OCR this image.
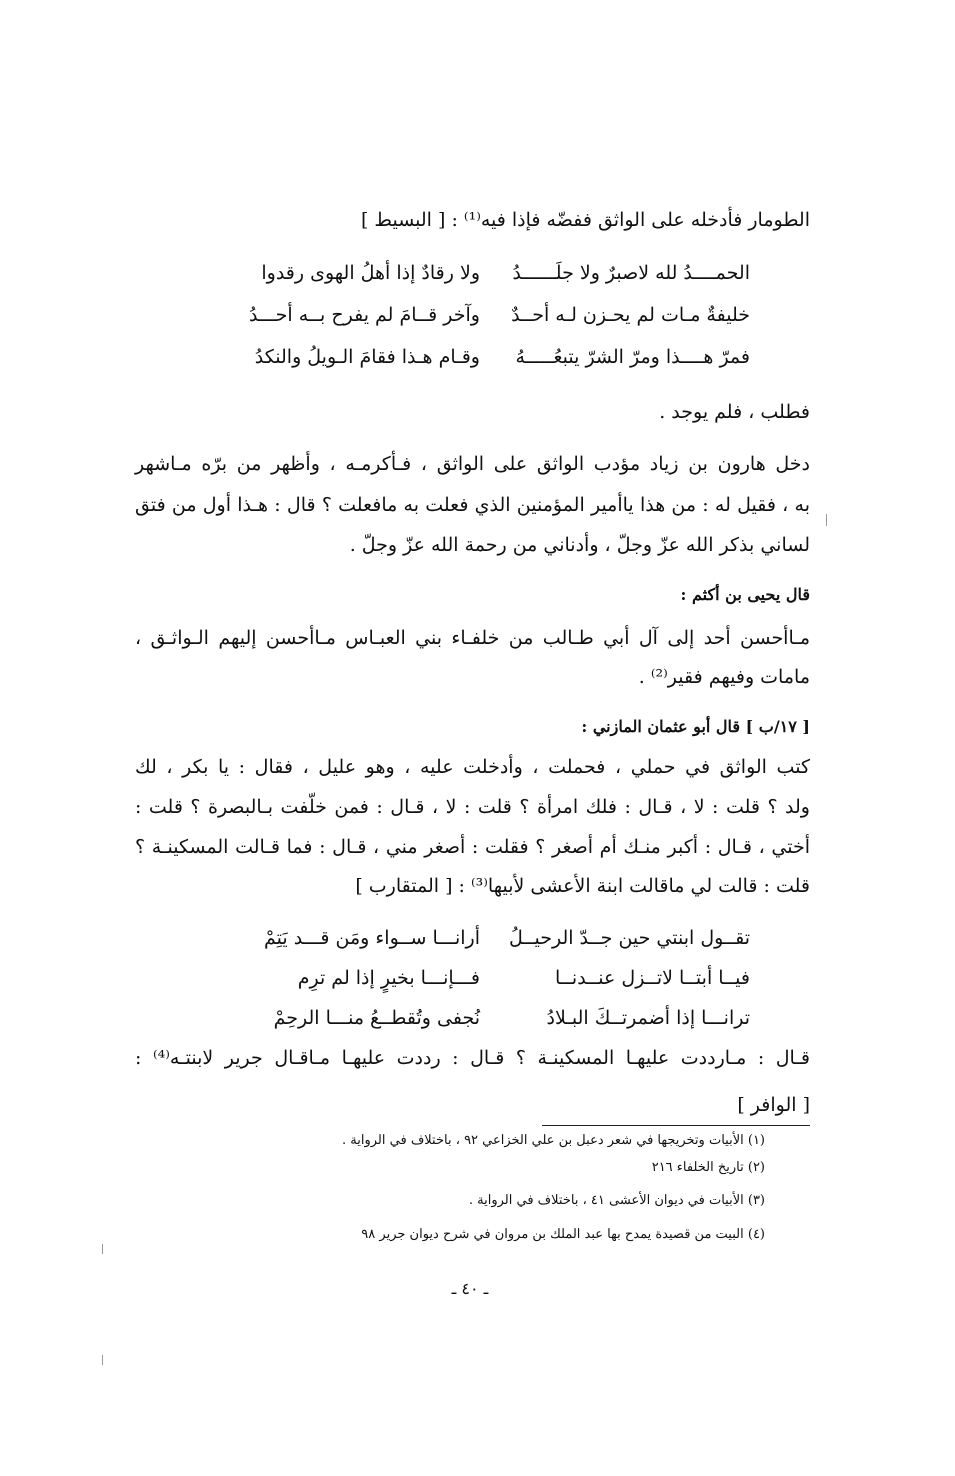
الطومار فأدخله على الواثق ففضّه فإذا فيه⁽¹⁾ : [ البسيط ]
الحمــــدُ لله لاصبرٌ ولا جلَــــــدُ
ولا رقادٌ إذا أهلُ الهوى رقدوا
خليفةٌ مـات لم يحـزن لـه أحــدٌ
وآخر قــامَ لم يفرح بــه أحـــدُ
فمرّ هــــذا ومرّ الشرّ يتبعُـــــهُ
وقـام هـذا فقامَ الـويلُ والنكدُ
فطلب ، فلم يوجد .
دخل هارون بن زياد مؤدب الواثق على الواثق ، فـأكرمـه ، وأظهر من برّه مـاشهر
به ، فقيل له : من هذا ياأمير المؤمنين الذي فعلت به مافعلت ؟ قال : هـذا أول من فتق
لساني بذكر الله عزّ وجلّ ، وأدناني من رحمة الله عزّ وجلّ .
قال يحيى بن أكثم :
مـاأحسن أحد إلى آل أبي طـالب من خلفـاء بني العبـاس مـاأحسن إليهم الـواثـق ،
مامات وفيهم فقير⁽²⁾ .
[ ١٧/ب ] قال أبو عثمان المازني :
كتب الواثق في حملي ، فحملت ، وأدخلت عليه ، وهو عليل ، فقال : يا بكر ، لك
ولد ؟ قلت : لا ، قـال : فلك امرأة ؟ قلت : لا ، قـال : فمن خلّفت بـالبصرة ؟ قلت :
أختي ، قـال : أكبر منـك أم أصغر ؟ فقلت : أصغر مني ، قـال : فما قـالت المسكينـة ؟
قلت : قالت لي ماقالت ابنة الأعشى لأبيها⁽³⁾ : [ المتقارب ]
تقــول ابنتي حين جــدّ الرحيــلُ
أرانـــا ســواء ومَن قـــد يَتِمْ
فيــا أبتــا لاتــزل عنــدنــا
فـــإنـــا بخيرٍ إذا لم ترِم
ترانـــا إذا أضمرتــكَ البـلادُ
نُجفى وتُقطــعُ منـــا الرحِمْ
قـال : مـارددت عليهـا المسكينـة ؟ قـال : رددت عليهـا مـاقـال جرير لابنتـه⁽⁴⁾ :
[ الوافر ]
(١) الأبيات وتخريجها في شعر دعبل بن علي الخزاعي ٩٢ ، باختلاف في الرواية .
(٢) تاريخ الخلفاء ٢١٦
(٣) الأبيات في ديوان الأعشى ٤١ ، باختلاف في الرواية .
(٤) البيت من قصيدة يمدح بها عبد الملك بن مروان في شرح ديوان جرير ٩٨
ـ ٤٠ ـ
